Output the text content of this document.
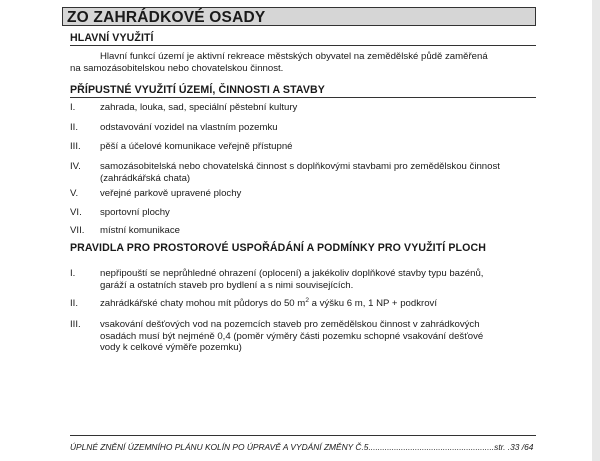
ZO ZAHRÁDKOVÉ OSADY
HLAVNÍ VYUŽITÍ
Hlavní funkcí území je aktivní rekreace městských obyvatel na zemědělské půdě zaměřená
na samozásobitelskou nebo chovatelskou činnost.
PŘÍPUSTNÉ VYUŽITÍ ÚZEMÍ, ČINNOSTI A STAVBY
I.	zahrada, louka, sad, speciální pěstební kultury
II. odstavování vozidel na vlastním pozemku
III. pěší a účelové komunikace veřejně přístupné
IV. samozásobitelská nebo chovatelská činnost s doplňkovými stavbami pro zemědělskou činnost
(zahrádkářská chata)
V. veřejné parkově upravené plochy
VI. sportovní plochy
VII. místní komunikace
PRAVIDLA PRO PROSTOROVÉ USPOŘÁDÁNÍ A PODMÍNKY PRO VYUŽITÍ PLOCH
I.	nepřipouští se neprůhledné ohrazení (oplocení) a jakékoliv doplňkové stavby typu bazénů,
garáží a ostatních staveb pro bydlení a s nimi souvisejících.
II. zahrádkářské chaty mohou mít půdorys do 50 $m^2$ a výšku 6 m, 1 NP + podkroví
III. vsakování dešťových vod na pozemcích staveb pro zemědělskou činnost v zahrádkových
osadách musí být nejméně 0,4 (poměr výměry části pozemku schopné vsakování dešťové
vody k celkové výměře pozemku)
ÚPLNÉ ZNĚNÍ ÚZEMNÍHO PLÁNU KOLÍN PO ÚPRAVĚ A VYDÁNÍ ZMĚNY Č.5......................................................str. .33 /64
